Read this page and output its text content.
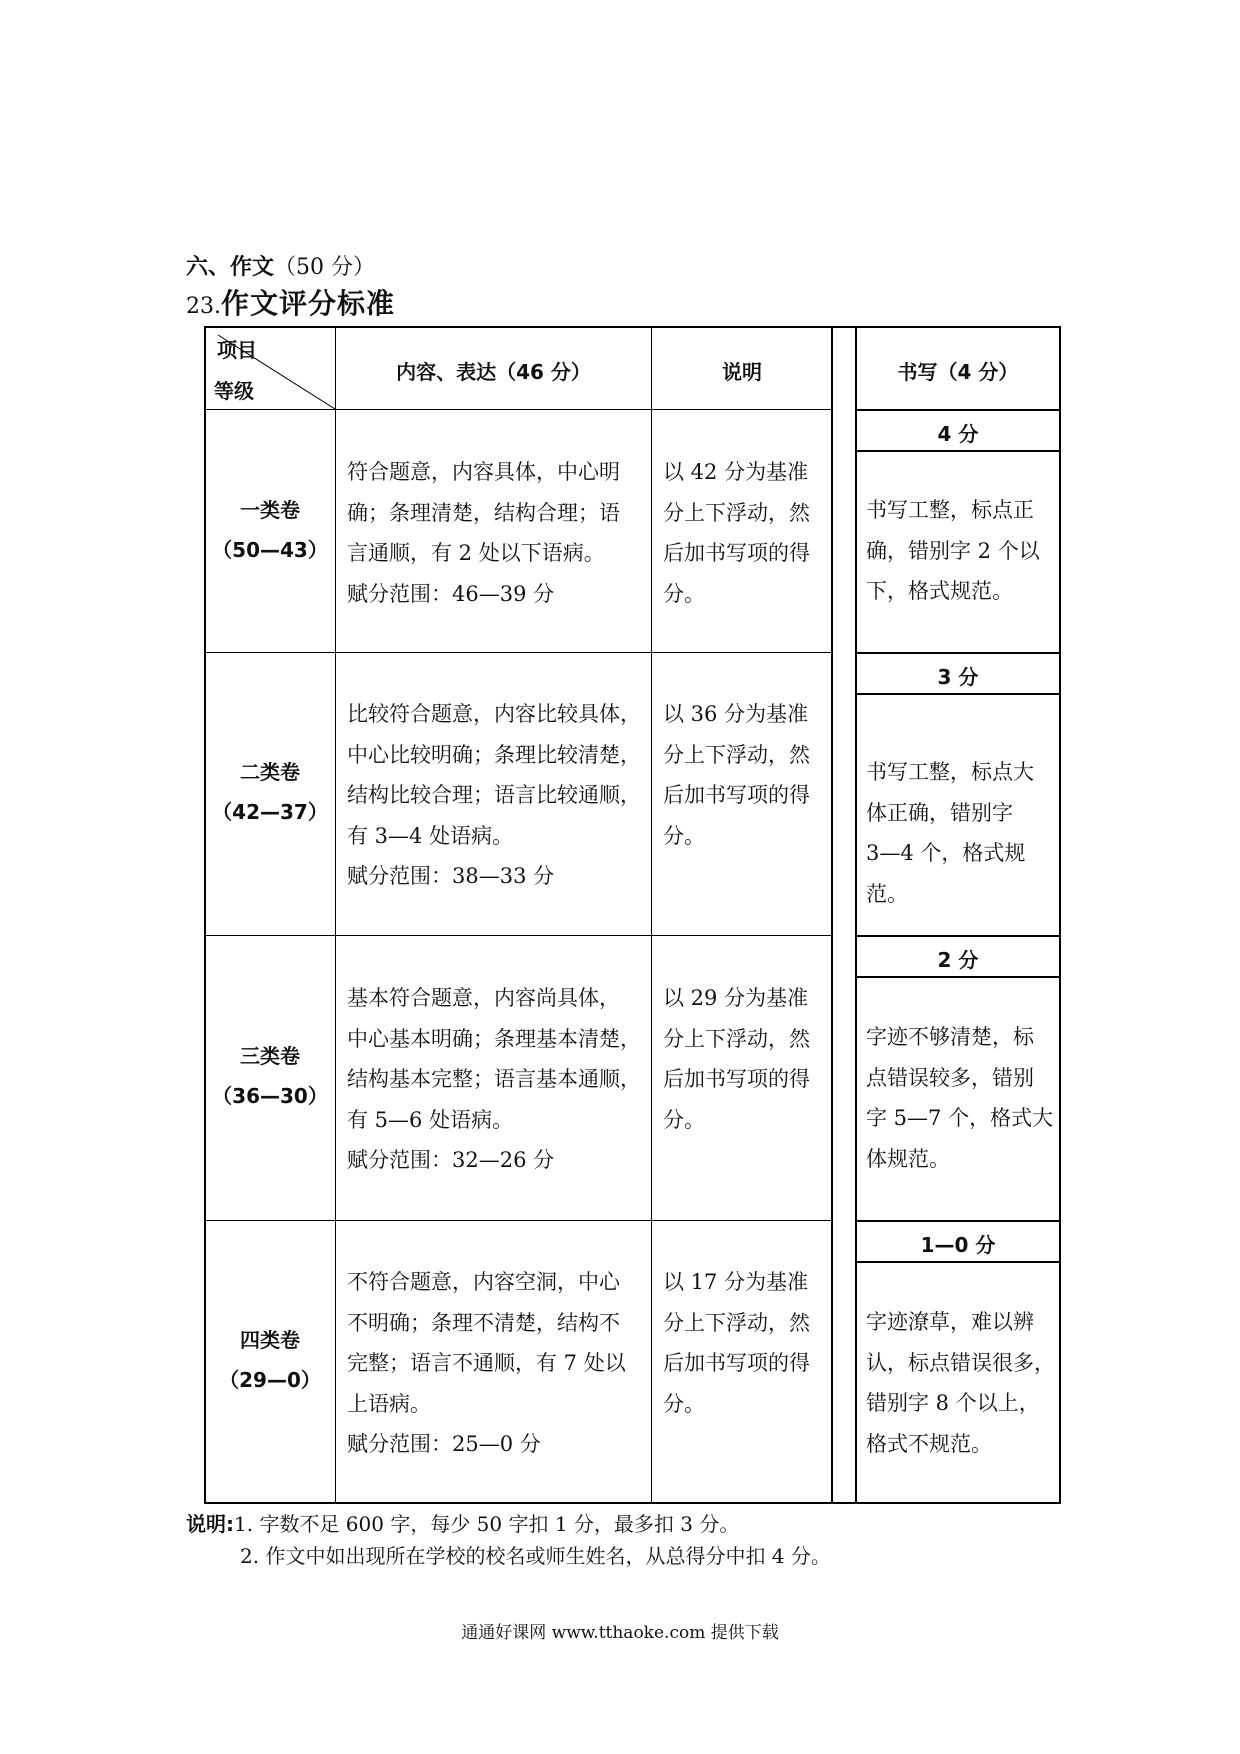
六、作文（50 分）
23.作文评分标准
项目
等级
内容、表达（46 分）	说明	书写（4 分）
一类卷
（50—43）
符合题意，内容具体，中心明
确；条理清楚，结构合理；语
言通顺，有 2 处以下语病。
赋分范围：46—39 分
以 42 分为基准
分上下浮动，然
后加书写项的得
分。
4 分
书写工整，标点正
确，错别字 2 个以
下，格式规范。
二类卷
（42—37）
比较符合题意，内容比较具体，
中心比较明确；条理比较清楚，
结构比较合理；语言比较通顺，
有 3—4 处语病。
赋分范围：38—33 分
以 36 分为基准
分上下浮动，然
后加书写项的得
分。
3 分
书写工整，标点大
体正确，错别字
3—4 个，格式规范。
三类卷
（36—30）
基本符合题意，内容尚具体，
中心基本明确；条理基本清楚，
结构基本完整；语言基本通顺，
有 5—6 处语病。
赋分范围：32—26 分
以 29 分为基准
分上下浮动，然
后加书写项的得
分。
2 分
字迹不够清楚，标
点错误较多，错别
字 5—7 个，格式大
体规范。
四类卷
（29—0）
不符合题意，内容空洞，中心
不明确；条理不清楚，结构不
完整；语言不通顺，有 7 处以
上语病。
赋分范围：25—0 分
以 17 分为基准
分上下浮动，然
后加书写项的得
分。
1—0 分
字迹潦草，难以辨
认，标点错误很多，
错别字 8 个以上，
格式不规范。
说明:1. 字数不足 600 字，每少 50 字扣 1 分，最多扣 3 分。
2. 作文中如出现所在学校的校名或师生姓名，从总得分中扣 4 分。
通通好课网 www.tthaoke.com 提供下载
